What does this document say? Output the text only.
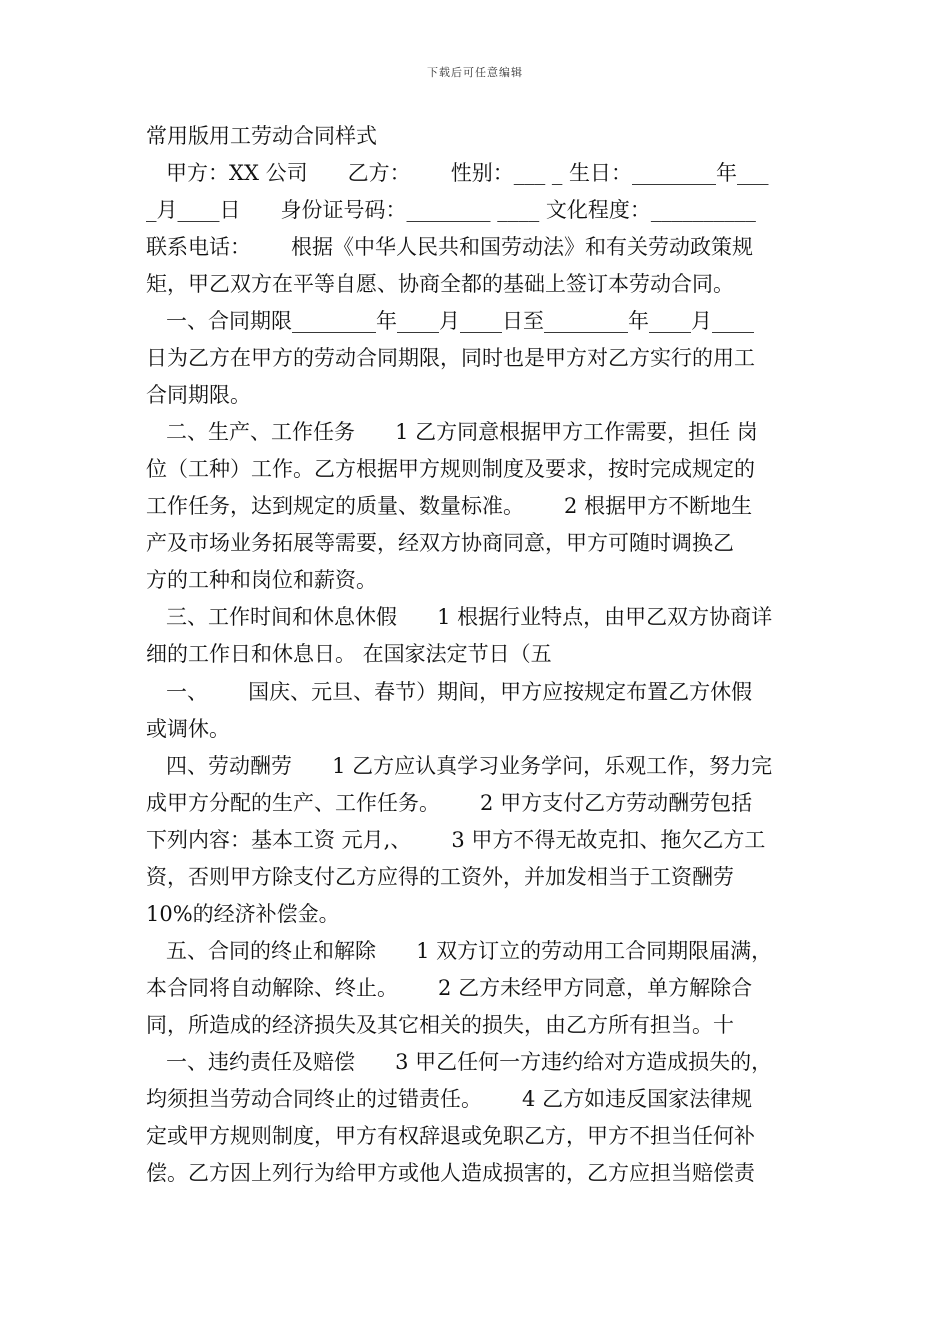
下载后可任意编辑
常用版用工劳动合同样式
甲方：XX 公司      乙方：      性别：___ _ 生日：________年___
_月____日      身份证号码：________ ____ 文化程度：__________
联系电话：      根据《中华人民共和国劳动法》和有关劳动政策规
矩，甲乙双方在平等自愿、协商全都的基础上签订本劳动合同。
一、合同期限________年____月____日至________年____月____
日为乙方在甲方的劳动合同期限，同时也是甲方对乙方实行的用工
合同期限。
二、生产、工作任务      1 乙方同意根据甲方工作需要，担任 岗
位（工种）工作。乙方根据甲方规则制度及要求，按时完成规定的
工作任务，达到规定的质量、数量标准。      2 根据甲方不断地生
产及市场业务拓展等需要，经双方协商同意，甲方可随时调换乙
方的工种和岗位和薪资。
三、工作时间和休息休假      1 根据行业特点，由甲乙双方协商详
细的工作日和休息日。 在国家法定节日（五
一、      国庆、元旦、春节）期间，甲方应按规定布置乙方休假
或调休。
四、劳动酬劳      1 乙方应认真学习业务学问，乐观工作，努力完
成甲方分配的生产、工作任务。      2 甲方支付乙方劳动酬劳包括
下列内容：基本工资 元月,、      3 甲方不得无故克扣、拖欠乙方工
资，否则甲方除支付乙方应得的工资外，并加发相当于工资酬劳
10%的经济补偿金。
五、合同的终止和解除      1 双方订立的劳动用工合同期限届满，
本合同将自动解除、终止。      2 乙方未经甲方同意，单方解除合
同，所造成的经济损失及其它相关的损失，由乙方所有担当。十
一、违约责任及赔偿      3 甲乙任何一方违约给对方造成损失的，
均须担当劳动合同终止的过错责任。      4 乙方如违反国家法律规
定或甲方规则制度，甲方有权辞退或免职乙方，甲方不担当任何补
偿。乙方因上列行为给甲方或他人造成损害的，乙方应担当赔偿责
